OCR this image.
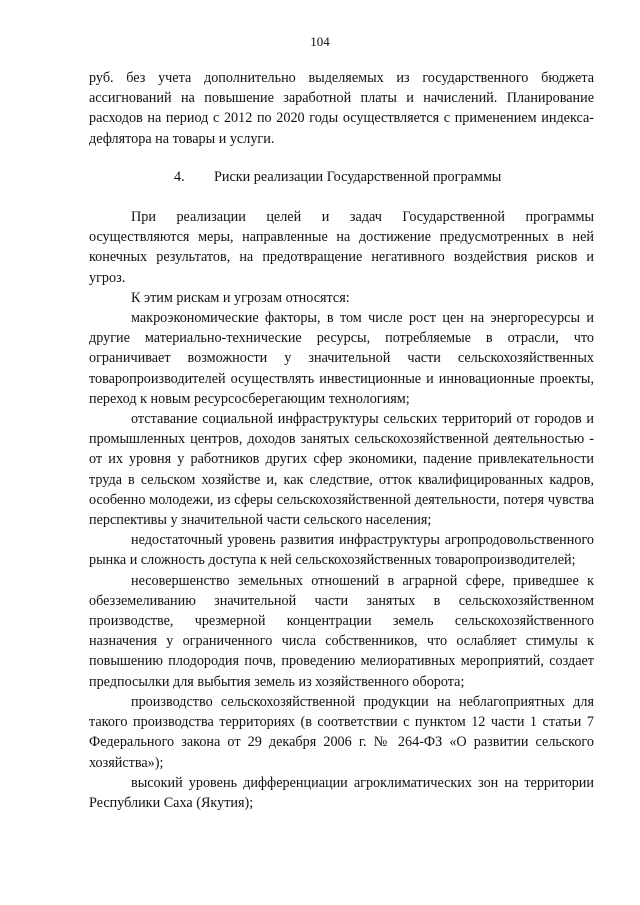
104

руб. без учета дополнительно выделяемых из государственного бюджета ассигнований на повышение заработной платы и начислений. Планирование расходов на период с 2012 по 2020 годы осуществляется с применением индекса-дефлятора на товары и услуги.

4. Риски реализации Государственной программы

При реализации целей и задач Государственной программы осуществляются меры, направленные на достижение предусмотренных в ней конечных результатов, на предотвращение негативного воздействия рисков и угроз.

К этим рискам и угрозам относятся:

макроэкономические факторы, в том числе рост цен на энергоресурсы и другие материально-технические ресурсы, потребляемые в отрасли, что ограничивает возможности у значительной части сельскохозяйственных товаропроизводителей осуществлять инвестиционные и инновационные проекты, переход к новым ресурсосберегающим технологиям;

отставание социальной инфраструктуры сельских территорий от городов и промышленных центров, доходов занятых сельскохозяйственной деятельностью - от их уровня у работников других сфер экономики, падение привлекательности труда в сельском хозяйстве и, как следствие, отток квалифицированных кадров, особенно молодежи, из сферы сельскохозяйственной деятельности, потеря чувства перспективы у значительной части сельского населения;

недостаточный уровень развития инфраструктуры агропродовольственного рынка и сложность доступа к ней сельскохозяйственных товаропроизводителей;

несовершенство земельных отношений в аграрной сфере, приведшее к обезземеливанию значительной части занятых в сельскохозяйственном производстве, чрезмерной концентрации земель сельскохозяйственного назначения у ограниченного числа собственников, что ослабляет стимулы к повышению плодородия почв, проведению мелиоративных мероприятий, создает предпосылки для выбытия земель из хозяйственного оборота;

производство сельскохозяйственной продукции на неблагоприятных для такого производства территориях (в соответствии с пунктом 12 части 1 статьи 7 Федерального закона от 29 декабря 2006 г. № 264-ФЗ «О развитии сельского хозяйства»);

высокий уровень дифференциации агроклиматических зон на территории Республики Саха (Якутия);
